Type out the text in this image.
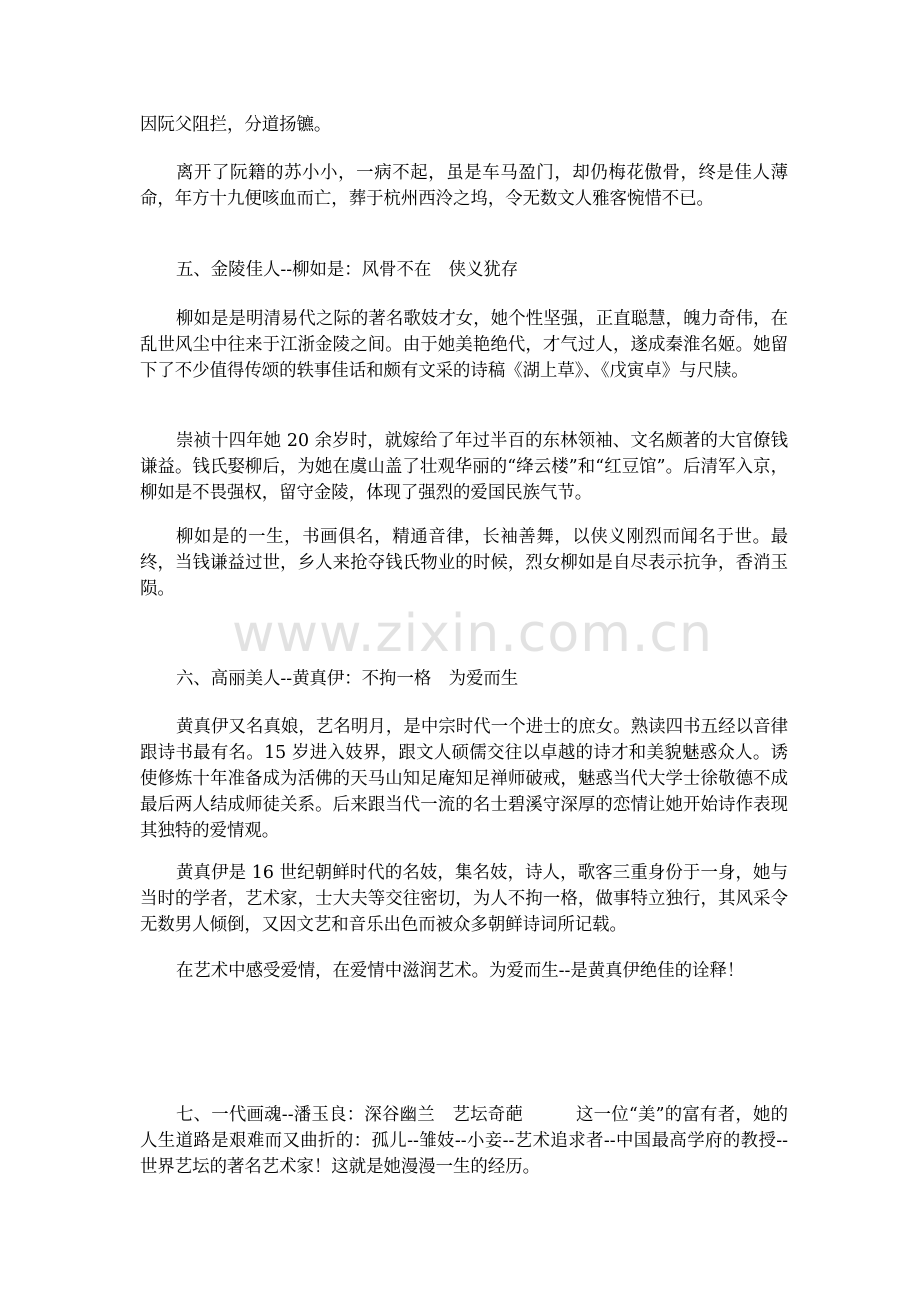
因阮父阻拦，分道扬镳。

离开了阮籍的苏小小，一病不起，虽是车马盈门，却仍梅花傲骨，终是佳人薄命，年方十九便咳血而亡，葬于杭州西泠之坞，令无数文人雅客惋惜不已。

五、金陵佳人--柳如是：风骨不在　侠义犹存

柳如是是明清易代之际的著名歌妓才女，她个性坚强，正直聪慧，魄力奇伟，在乱世风尘中往来于江浙金陵之间。由于她美艳绝代，才气过人，遂成秦淮名姬。她留下了不少值得传颂的轶事佳话和颇有文采的诗稿《湖上草》、《戊寅卓》与尺牍。

崇祯十四年她 20 余岁时，就嫁给了年过半百的东林领袖、文名颇著的大官僚钱谦益。钱氏娶柳后，为她在虞山盖了壮观华丽的“绛云楼”和“红豆馆”。后清军入京，柳如是不畏强权，留守金陵，体现了强烈的爱国民族气节。

柳如是的一生，书画俱名，精通音律，长袖善舞，以侠义刚烈而闻名于世。最终，当钱谦益过世，乡人来抢夺钱氏物业的时候，烈女柳如是自尽表示抗争，香消玉陨。

www.zixin.com.cn

六、高丽美人--黄真伊：不拘一格　为爱而生

黄真伊又名真娘，艺名明月，是中宗时代一个进士的庶女。熟读四书五经以音律跟诗书最有名。15 岁进入妓界，跟文人硕儒交往以卓越的诗才和美貌魅惑众人。诱使修炼十年准备成为活佛的天马山知足庵知足禅师破戒，魅惑当代大学士徐敬德不成最后两人结成师徒关系。后来跟当代一流的名士碧溪守深厚的恋情让她开始诗作表现其独特的爱情观。

黄真伊是 16 世纪朝鲜时代的名妓，集名妓，诗人，歌客三重身份于一身，她与当时的学者，艺术家，士大夫等交往密切，为人不拘一格，做事特立独行，其风采令无数男人倾倒，又因文艺和音乐出色而被众多朝鲜诗词所记载。

在艺术中感受爱情，在爱情中滋润艺术。为爱而生--是黄真伊绝佳的诠释！

七、一代画魂--潘玉良：深谷幽兰　艺坛奇葩　　　这一位“美”的富有者，她的人生道路是艰难而又曲折的：孤儿--雏妓--小妾--艺术追求者--中国最高学府的教授--世界艺坛的著名艺术家！这就是她漫漫一生的经历。
